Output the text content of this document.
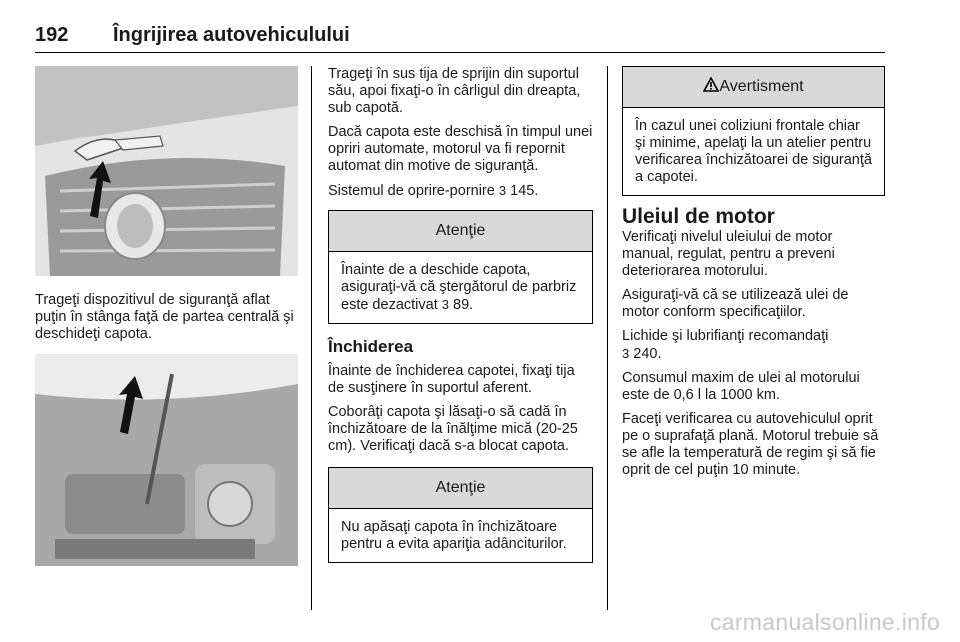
192 Îngrijirea autovehiculului
Trageţi dispozitivul de siguranţă aflat puţin în stânga faţă de partea centrală şi deschideţi capota.

Trageţi în sus tija de sprijin din suportul său, apoi fixaţi-o în cârligul din dreapta, sub capotă.

Dacă capota este deschisă în timpul unei opriri automate, motorul va fi repornit automat din motive de siguranţă.

Sistemul de oprire-pornire 3 145.

Atenţie
Înainte de a deschide capota, asiguraţi-vă că ştergătorul de parbriz este dezactivat 3 89.
Închiderea

Înainte de închiderea capotei, fixaţi tija de susţinere în suportul aferent.

Coborâţi capota şi lăsaţi-o să cadă în închizătoare de la înălţime mică (20-25 cm). Verificaţi dacă s-a blocat capota.

Atenţie
Nu apăsaţi capota în închizătoare pentru a evita apariţia adânciturilor.
Avertisment
În cazul unei coliziuni frontale chiar şi minime, apelaţi la un atelier pentru verificarea închizătoarei de siguranţă a capotei.
Uleiul de motor

Verificaţi nivelul uleiului de motor manual, regulat, pentru a preveni deteriorarea motorului.

Asiguraţi-vă că se utilizează ulei de motor conform specificaţiilor.

Lichide şi lubrifianţi recomandaţi
3 240.

Consumul maxim de ulei al motorului este de 0,6 l la 1000 km.

Faceţi verificarea cu autovehiculul oprit pe o suprafaţă plană. Motorul trebuie să se afle la temperatură de regim şi să fie oprit de cel puţin 10 minute.

carmanualsonline.info
